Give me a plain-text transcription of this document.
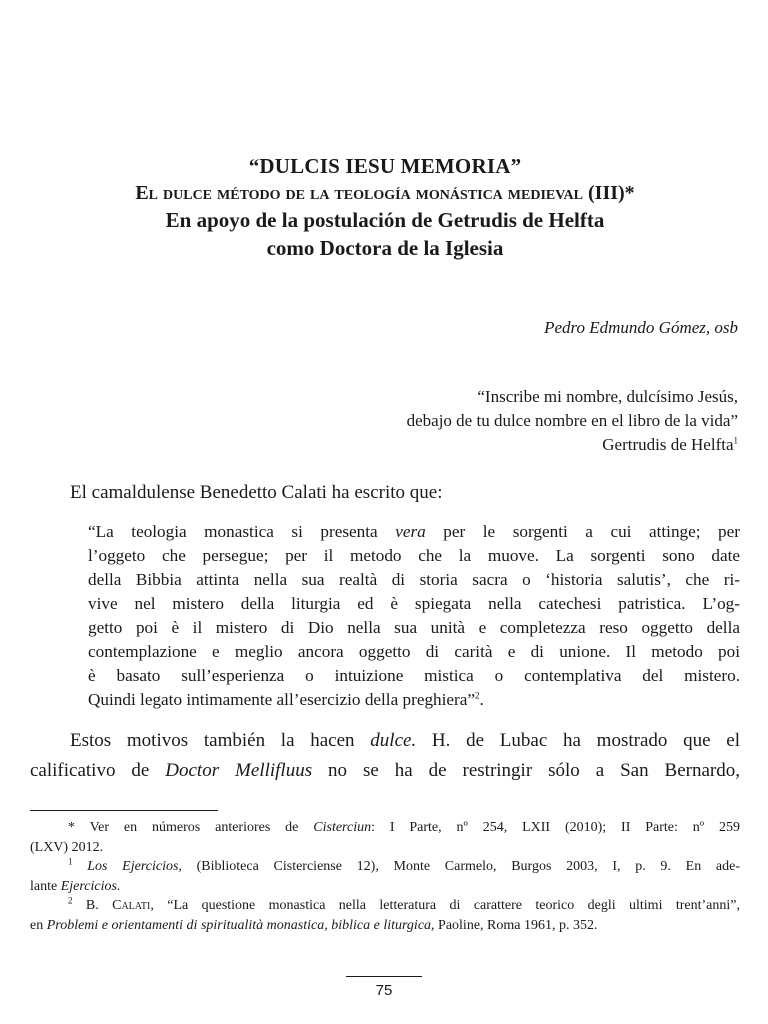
“DULCIS IESU MEMORIA”
El dulce método de la teología monástica medieval (III)*
En apoyo de la postulación de Getrudis de Helfta
como Doctora de la Iglesia
Pedro Edmundo Gómez, osb
“Inscribe mi nombre, dulcísimo Jesús,
debajo de tu dulce nombre en el libro de la vida”
Gertrudis de Helfta$^1$
El camaldulense Benedetto Calati ha escrito que:
“La teologia monastica si presenta vera per le sorgenti a cui attinge; per
l’oggeto che persegue; per il metodo che la muove. La sorgenti sono date
della Bibbia attinta nella sua realtà di storia sacra o ‘historia salutis’, che ri-
vive nel mistero della liturgia ed è spiegata nella catechesi patristica. L’og-
getto poi è il mistero di Dio nella sua unità e completezza reso oggetto della
contemplazione e meglio ancora oggetto di carità e di unione. Il metodo poi
è basato sull’esperienza o intuizione mistica o contemplativa del mistero.
Quindi legato intimamente all’esercizio della preghiera”$^2$.
Estos motivos también la hacen dulce. H. de Lubac ha mostrado que el
calificativo de Doctor Mellifluus no se ha de restringir sólo a San Bernardo,
* Ver en números anteriores de Cisterciun: I Parte, nº 254, LXII (2010); II Parte: nº 259
(LXV) 2012.
$^1$ Los Ejercicios, (Biblioteca Cisterciense 12), Monte Carmelo, Burgos 2003, I, p. 9. En ade-
lante Ejercicios.
$^2$ B. Calati, “La questione monastica nella letteratura di carattere teorico degli ultimi trent’anni”,
en Problemi e orientamenti di spiritualità monastica, biblica e liturgica, Paoline, Roma 1961, p. 352.
75
